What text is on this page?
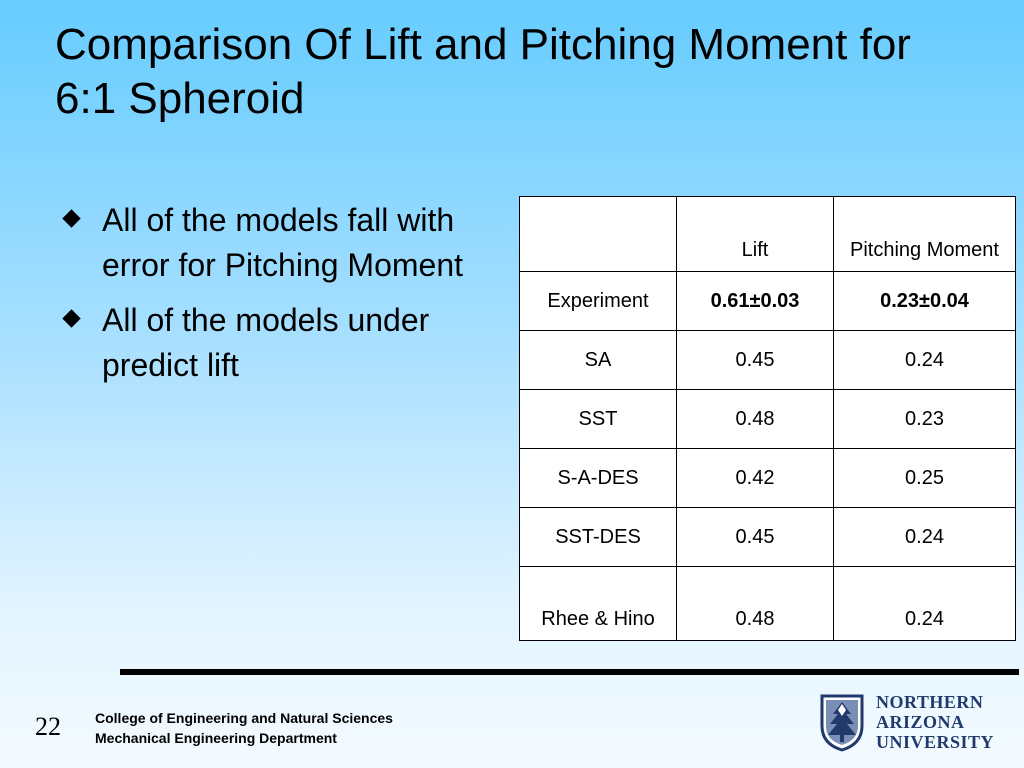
Comparison Of Lift and Pitching Moment for 6:1 Spheroid
All of the models fall with error for Pitching Moment
All of the models under predict lift
	Lift	Pitching Moment
Experiment	0.61±0.03	0.23±0.04
SA	0.45	0.24
SST	0.48	0.23
S-A-DES	0.42	0.25
SST-DES	0.45	0.24
Rhee & Hino	0.48	0.24
22 College of Engineering and Natural Sciences
Mechanical Engineering Department
NORTHERN
ARIZONA
UNIVERSITY
